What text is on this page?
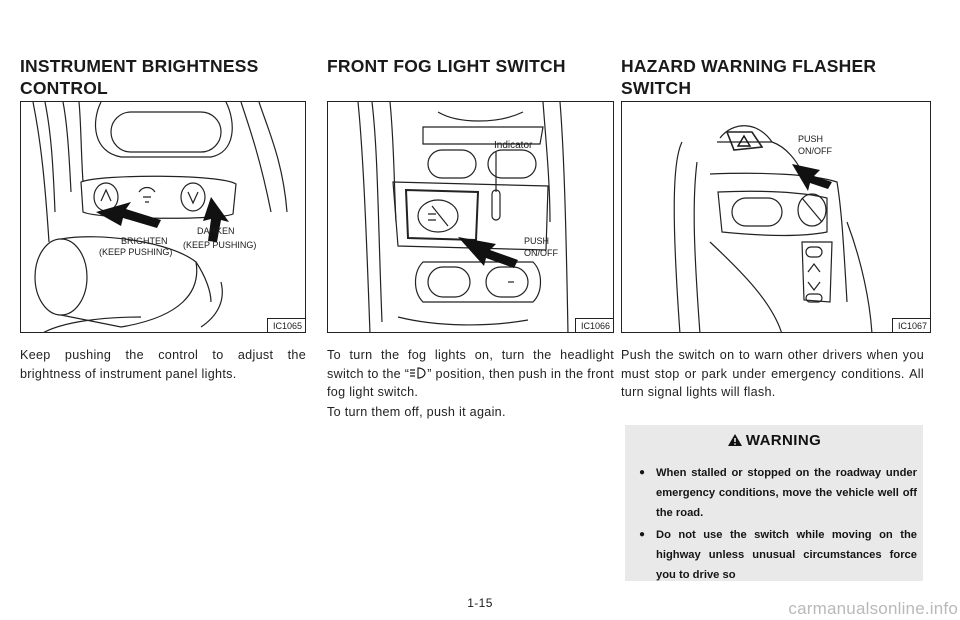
INSTRUMENT BRIGHTNESS
CONTROL
BRIGHTEN
(KEEP PUSHING)
DARKEN
(KEEP PUSHING)
IC1065

Keep pushing the control to adjust the brightness of instrument panel lights.

FRONT FOG LIGHT SWITCH
Indicator
PUSH
ON/OFF
IC1066

To turn the fog lights on, turn the headlight switch to the “ ” position, then push in the front fog light switch.

To turn them off, push it again.

HAZARD WARNING FLASHER
SWITCH
PUSH
ON/OFF
IC1067

Push the switch on to warn other drivers when you must stop or park under emergency conditions. All turn signal lights will flash.

WARNING
● When stalled or stopped on the roadway under emergency conditions, move the vehicle well off the road.
● Do not use the switch while moving on the highway unless unusual circumstances force you to drive so
1-15	carmanualsonline.info
